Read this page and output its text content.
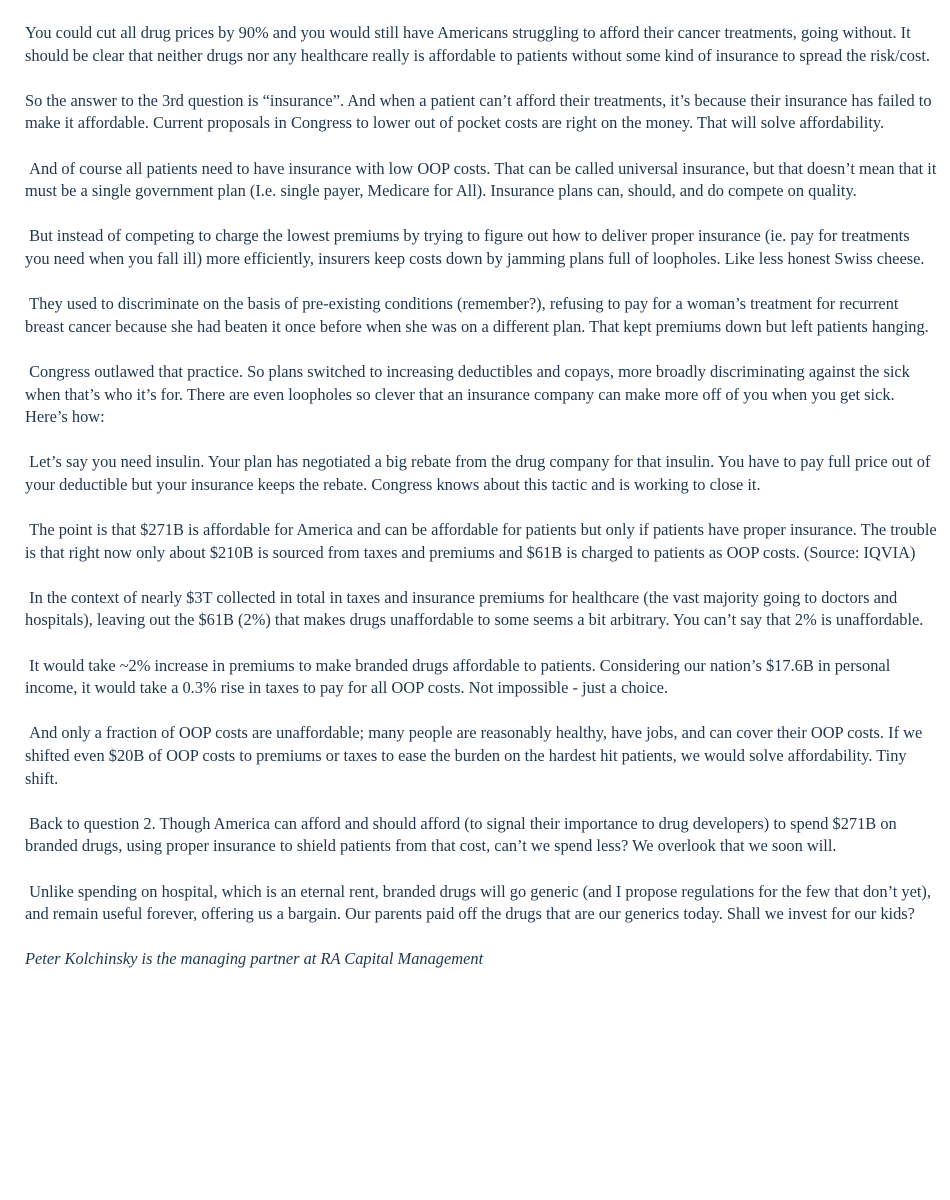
You could cut all drug prices by 90% and you would still have Americans struggling to afford their cancer treatments, going without. It should be clear that neither drugs nor any healthcare really is affordable to patients without some kind of insurance to spread the risk/cost.

So the answer to the 3rd question is “insurance”. And when a patient can’t afford their treatments, it’s because their insurance has failed to make it affordable. Current proposals in Congress to lower out of pocket costs are right on the money. That will solve affordability.

And of course all patients need to have insurance with low OOP costs. That can be called universal insurance, but that doesn’t mean that it must be a single government plan (I.e. single payer, Medicare for All). Insurance plans can, should, and do compete on quality.

But instead of competing to charge the lowest premiums by trying to figure out how to deliver proper insurance (ie. pay for treatments you need when you fall ill) more efficiently, insurers keep costs down by jamming plans full of loopholes. Like less honest Swiss cheese.

They used to discriminate on the basis of pre-existing conditions (remember?), refusing to pay for a woman’s treatment for recurrent breast cancer because she had beaten it once before when she was on a different plan. That kept premiums down but left patients hanging.

Congress outlawed that practice. So plans switched to increasing deductibles and copays, more broadly discriminating against the sick when that’s who it’s for. There are even loopholes so clever that an insurance company can make more off of you when you get sick. Here’s how:

Let’s say you need insulin. Your plan has negotiated a big rebate from the drug company for that insulin. You have to pay full price out of your deductible but your insurance keeps the rebate. Congress knows about this tactic and is working to close it.

The point is that $271B is affordable for America and can be affordable for patients but only if patients have proper insurance. The trouble is that right now only about $210B is sourced from taxes and premiums and $61B is charged to patients as OOP costs. (Source: IQVIA)

In the context of nearly $3T collected in total in taxes and insurance premiums for healthcare (the vast majority going to doctors and hospitals), leaving out the $61B (2%) that makes drugs unaffordable to some seems a bit arbitrary. You can’t say that 2% is unaffordable.

It would take ~2% increase in premiums to make branded drugs affordable to patients. Considering our nation’s $17.6B in personal income, it would take a 0.3% rise in taxes to pay for all OOP costs. Not impossible - just a choice.

And only a fraction of OOP costs are unaffordable; many people are reasonably healthy, have jobs, and can cover their OOP costs. If we shifted even $20B of OOP costs to premiums or taxes to ease the burden on the hardest hit patients, we would solve affordability. Tiny shift.

Back to question 2. Though America can afford and should afford (to signal their importance to drug developers) to spend $271B on branded drugs, using proper insurance to shield patients from that cost, can’t we spend less? We overlook that we soon will.

Unlike spending on hospital, which is an eternal rent, branded drugs will go generic (and I propose regulations for the few that don’t yet), and remain useful forever, offering us a bargain. Our parents paid off the drugs that are our generics today. Shall we invest for our kids?

Peter Kolchinsky is the managing partner at RA Capital Management
